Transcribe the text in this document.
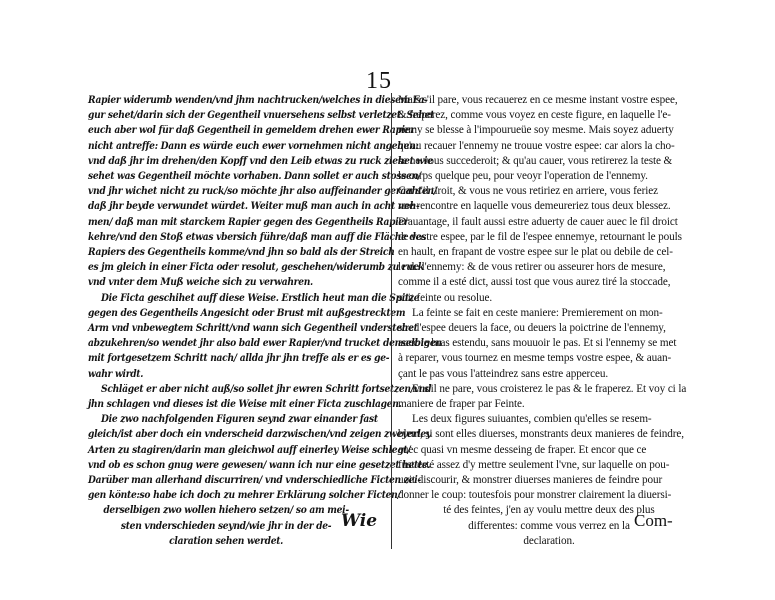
15
Rapier widerumb wenden/vnd jhm nachtrucken/welches in diesem Fa-
gur sehet/darin sich der Gegentheil vnuersehens selbst verletzet. Sehet
euch aber wol für daß Gegentheil in gemeldem drehen ewer Rapier
nicht antreffe: Dann es würde euch ewer vornehmen nicht angehen:
vnd daß jhr im drehen/den Kopff vnd den Leib etwas zu ruck ziehet wie
sehet was Gegentheil möchte vorhaben. Dann sollet er auch stossen/
vnd jhr wichet nicht zu ruck/so möchte jhr also auffeinander geraahten/
daß jhr beyde verwundet würdet. Weiter muß man auch in acht neh-
men/ daß man mit starckem Rapier gegen des Gegentheils Rapier
kehre/vnd den Stoß etwas vbersich führe/daß man auff die Fläche des
Rapiers des Gegentheils komme/vnd jhn so bald als der Streich
es jm gleich in einer Ficta oder resolut, geschehen/widerumb zu ruck
vnd vnter dem Muß weiche sich zu verwahren.
Die Ficta geschihet auff diese Weise. Erstlich heut man die Spitze
gegen des Gegentheils Angesicht oder Brust mit außgestrecktem
Arm vnd vnbewegtem Schritt/vnd wann sich Gegentheil vnderstehet
abzukehren/so wendet jhr also bald ewer Rapier/vnd trucket denselbigen
mit fortgesetzem Schritt nach/ allda jhr jhn treffe als er es ge-
wahr wirdt.
Schläget er aber nicht auß/so sollet jhr ewren Schritt fortsetzen/vnd
jhn schlagen vnd dieses ist die Weise mit einer Ficta zuschlagen.
Die zwo nachfolgenden Figuren seynd zwar einander fast
gleich/ist aber doch ein vnderscheid darzwischen/vnd zeigen zweyerley
Arten zu stagiren/darin man gleichwol auff einerley Weise schlegt/
vnd ob es schon gnug were gewesen/ wann ich nur eine gesetzet hette.
Darüber man allerhand discurriren/ vnd vnderschiedliche Ficten zei-
gen könte:so habe ich doch zu mehrer Erklärung solcher Ficten/
derselbigen zwo wollen hiehero setzen/ so am mei-
sten vnderschieden seynd/wie jhr in der de-
claration sehen werdet.
Mais s'il pare, vous recauerez en ce mesme instant vostre espee,
& fraperez, comme vous voyez en ceste figure, en laquelle l'e-
nemy se blesse à l'impourueüe soy mesme. Mais soyez aduerty
qu'au recauer l'ennemy ne trouue vostre espee: car alors la cho-
se ne vous succederoit; & qu'au cauer, vous retirerez la teste &
le corps quelque peu, pour veoyr l'operation de l'ennemy.
Car s'il tiroit, & vous ne vous retiriez en arriere, vous feriez
vne rencontre en laquelle vous demeureriez tous deux blessez.
D'auantage, il fault aussi estre aduerty de cauer auec le fil droict
de vostre espee, par le fil de l'espee ennemye, retournant le pouls
en hault, en frapant de vostre espee sur le plat ou debile de cel-
le de l'ennemy: & de vous retirer ou asseurer hors de mesure,
comme il a esté dict, aussi tost que vous aurez tiré la stoccade,
soit feinte ou resolue.
La feinte se fait en ceste maniere: Premierement on mon-
stre l'espee deuers la face, ou deuers la poictrine de l'ennemy,
auec le bras estendu, sans mouuoir le pas. Et si l'ennemy se met
à reparer, vous tournez en mesme temps vostre espee, & auan-
çant le pas vous l'atteindrez sans estre apperceu.
Et s'il ne pare, vous croisterez le pas & le fraperez. Et voy ci la
maniere de fraper par Feinte.
Les deux figures suiuantes, combien qu'elles se resem-
blent, si sont elles diuerses, monstrants deux manieres de feindre,
auec quasi vn mesme desseing de fraper. Et encor que ce
fust esté assez d'y mettre seulement l'vne, sur laquelle on pou-
uoit discourir, & monstrer diuerses manieres de feindre pour
donner le coup: toutesfois pour monstrer clairement la diuersi-
té des feintes, j'en ay voulu mettre deux des plus
differentes: comme vous verrez en la
declaration.
Wie	Com-
